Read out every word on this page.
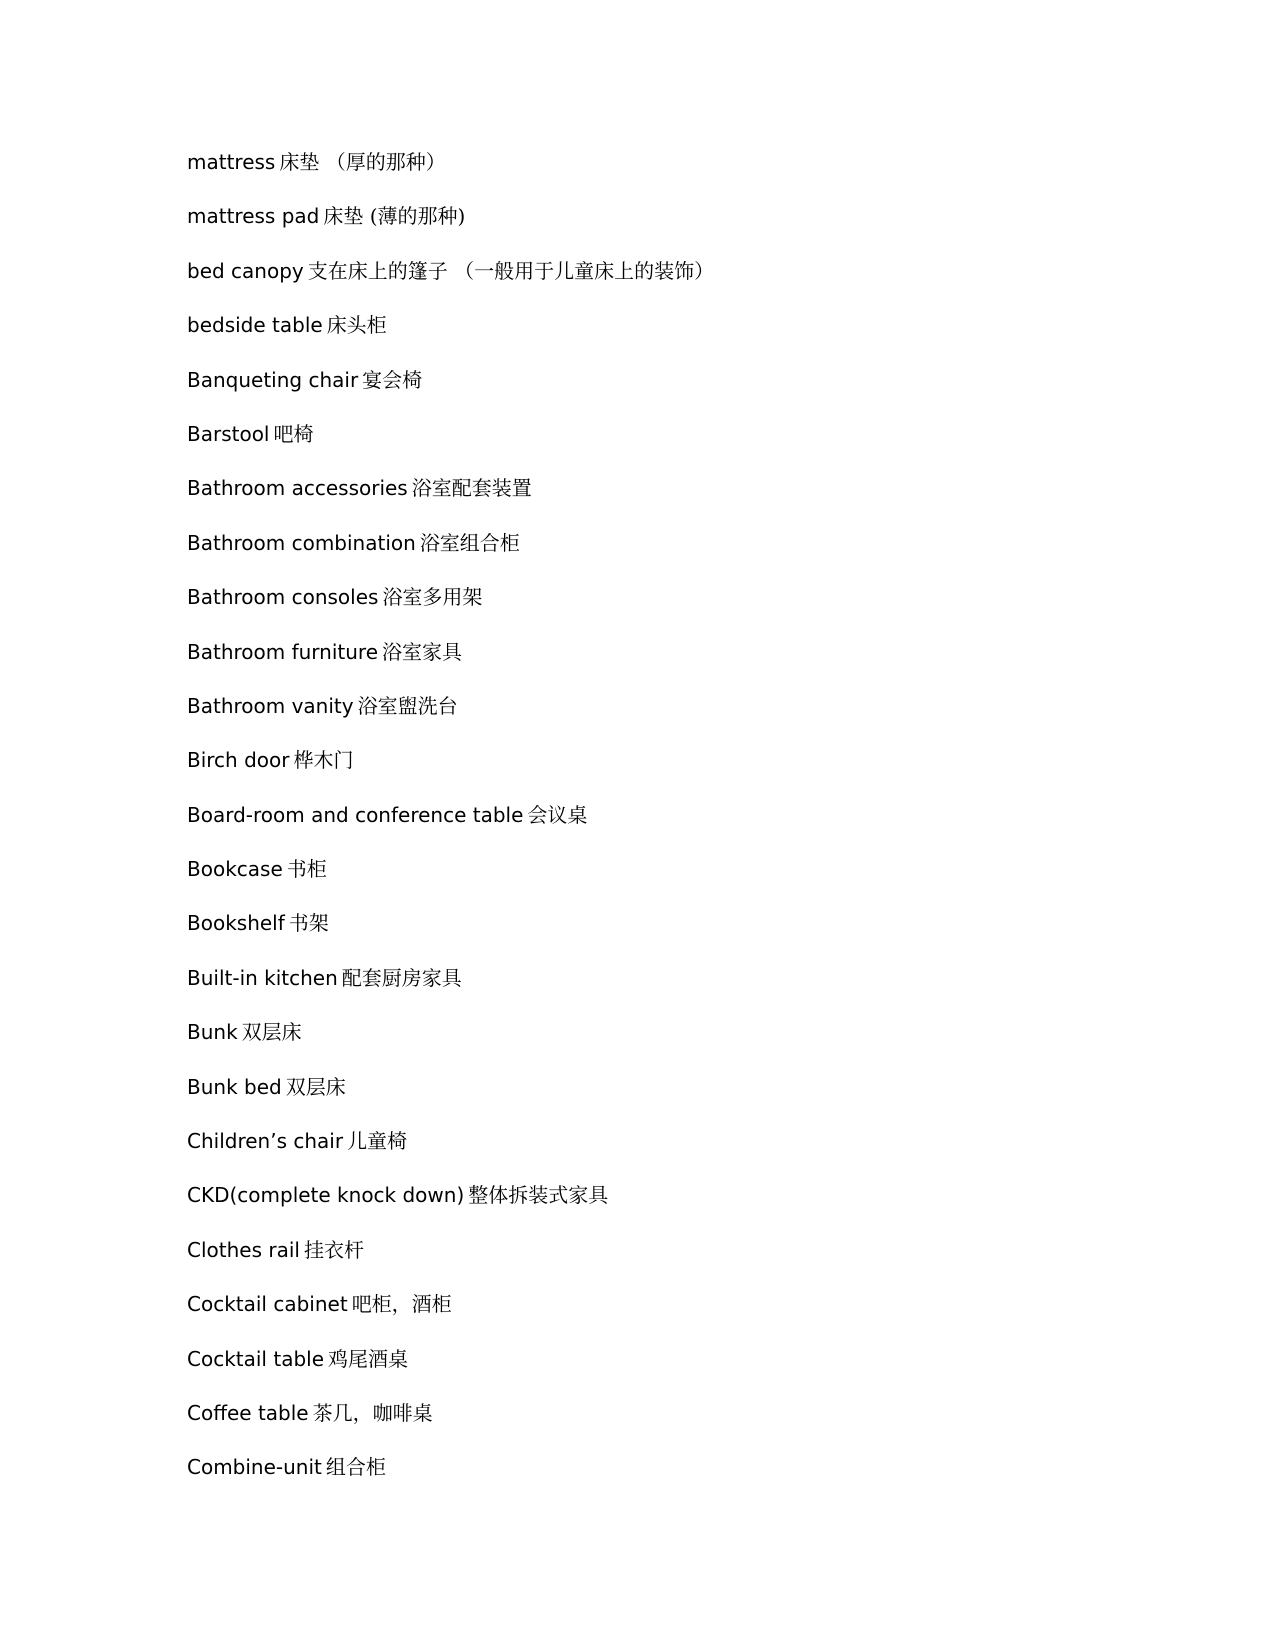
mattress 床垫 （厚的那种）
mattress pad 床垫 (薄的那种)
bed canopy 支在床上的篷子 （一般用于儿童床上的装饰）
bedside table 床头柜
Banqueting chair 宴会椅
Barstool 吧椅
Bathroom accessories 浴室配套装置
Bathroom combination 浴室组合柜
Bathroom consoles 浴室多用架
Bathroom furniture 浴室家具
Bathroom vanity 浴室盥洗台
Birch door 桦木门
Board-room and conference table 会议桌
Bookcase 书柜
Bookshelf 书架
Built-in kitchen 配套厨房家具
Bunk 双层床
Bunk bed 双层床
Children’s chair 儿童椅
CKD(complete knock down) 整体拆装式家具
Clothes rail 挂衣杆
Cocktail cabinet 吧柜，酒柜
Cocktail table 鸡尾酒桌
Coffee table 茶几，咖啡桌
Combine-unit 组合柜
